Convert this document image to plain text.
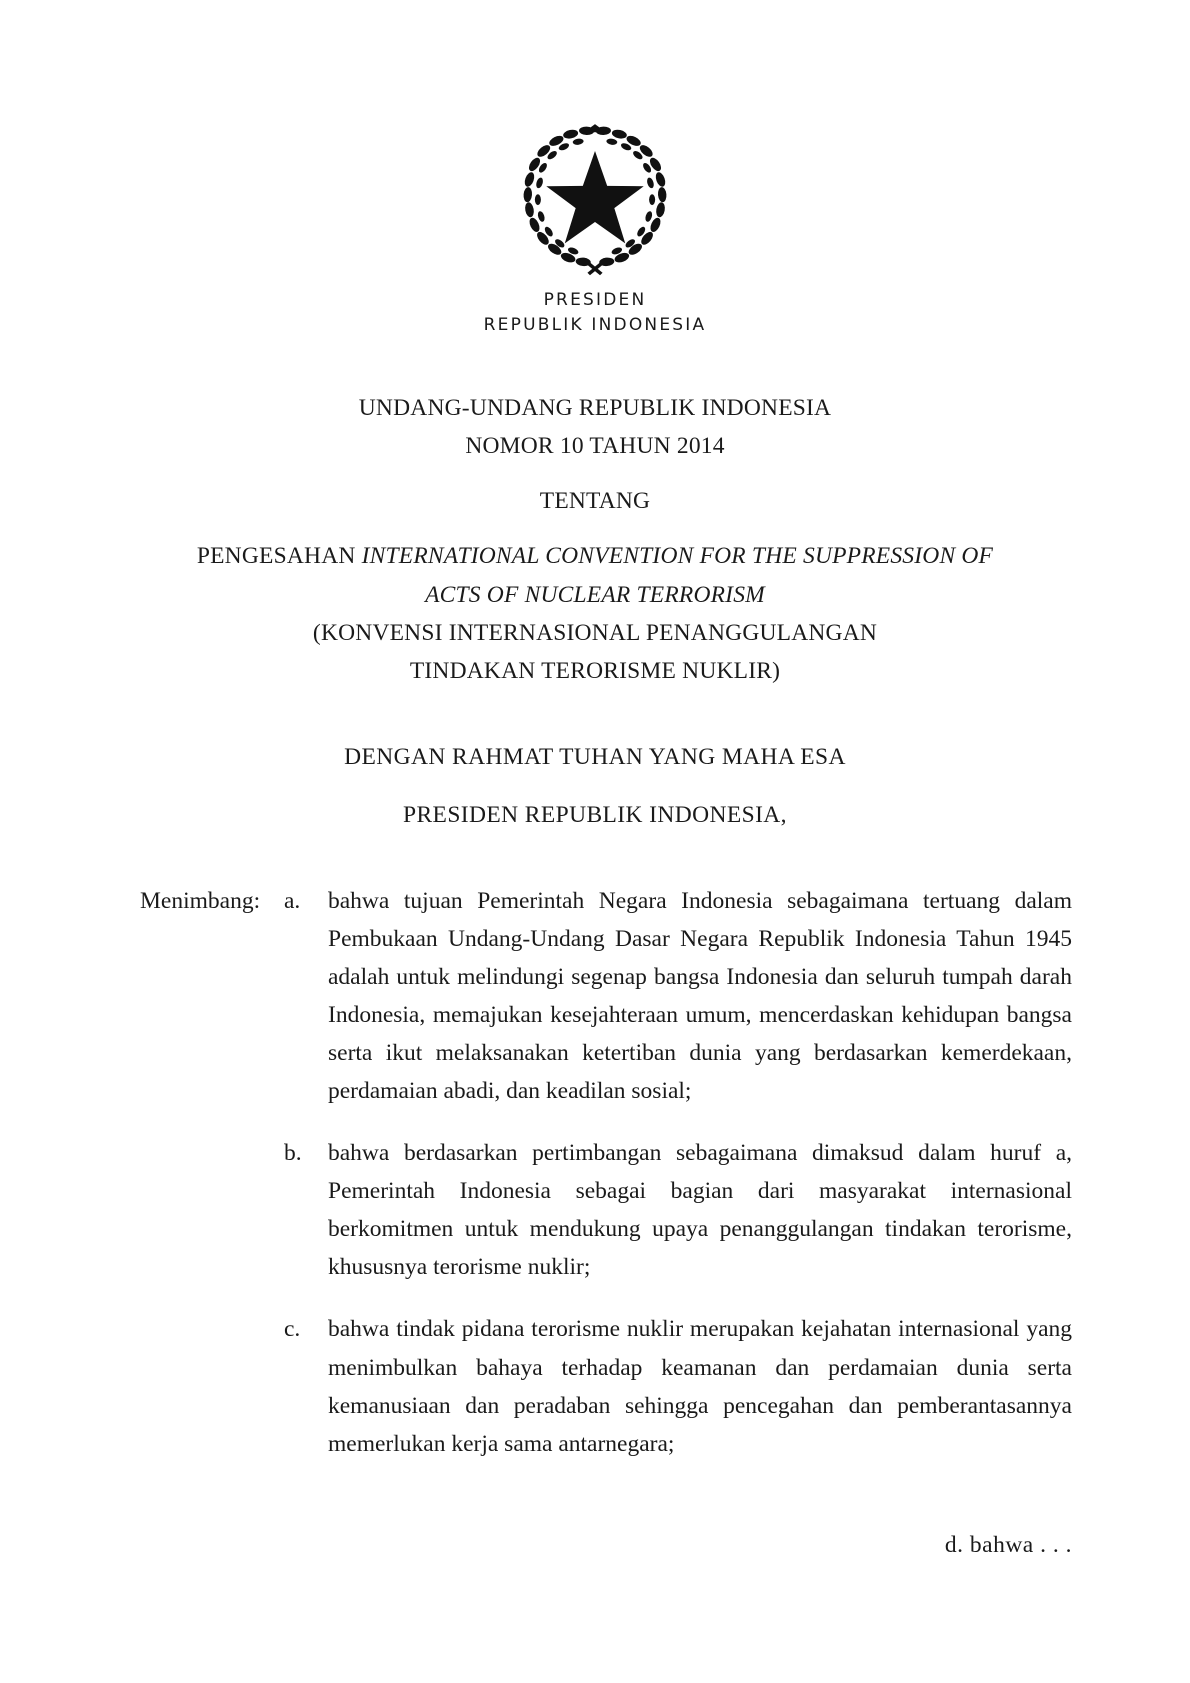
PRESIDEN
REPUBLIK INDONESIA
UNDANG-UNDANG REPUBLIK INDONESIA
NOMOR 10 TAHUN 2014
TENTANG
PENGESAHAN INTERNATIONAL CONVENTION FOR THE SUPPRESSION OF
ACTS OF NUCLEAR TERRORISM
(KONVENSI INTERNASIONAL PENANGGULANGAN
TINDAKAN TERORISME NUKLIR)
DENGAN RAHMAT TUHAN YANG MAHA ESA
PRESIDEN REPUBLIK INDONESIA,
Menimbang:	a.	bahwa tujuan Pemerintah Negara Indonesia sebagaimana tertuang dalam Pembukaan Undang-Undang Dasar Negara Republik Indonesia Tahun 1945 adalah untuk melindungi segenap bangsa Indonesia dan seluruh tumpah darah Indonesia, memajukan kesejahteraan umum, mencerdaskan kehidupan bangsa serta ikut melaksanakan ketertiban dunia yang berdasarkan kemerdekaan, perdamaian abadi, dan keadilan sosial;
b.	bahwa berdasarkan pertimbangan sebagaimana dimaksud dalam huruf a, Pemerintah Indonesia sebagai bagian dari masyarakat internasional berkomitmen untuk mendukung upaya penanggulangan tindakan terorisme, khususnya terorisme nuklir;
c.	bahwa tindak pidana terorisme nuklir merupakan kejahatan internasional yang menimbulkan bahaya terhadap keamanan dan perdamaian dunia serta kemanusiaan dan peradaban sehingga pencegahan dan pemberantasannya memerlukan kerja sama antarnegara;
d. bahwa . . .
